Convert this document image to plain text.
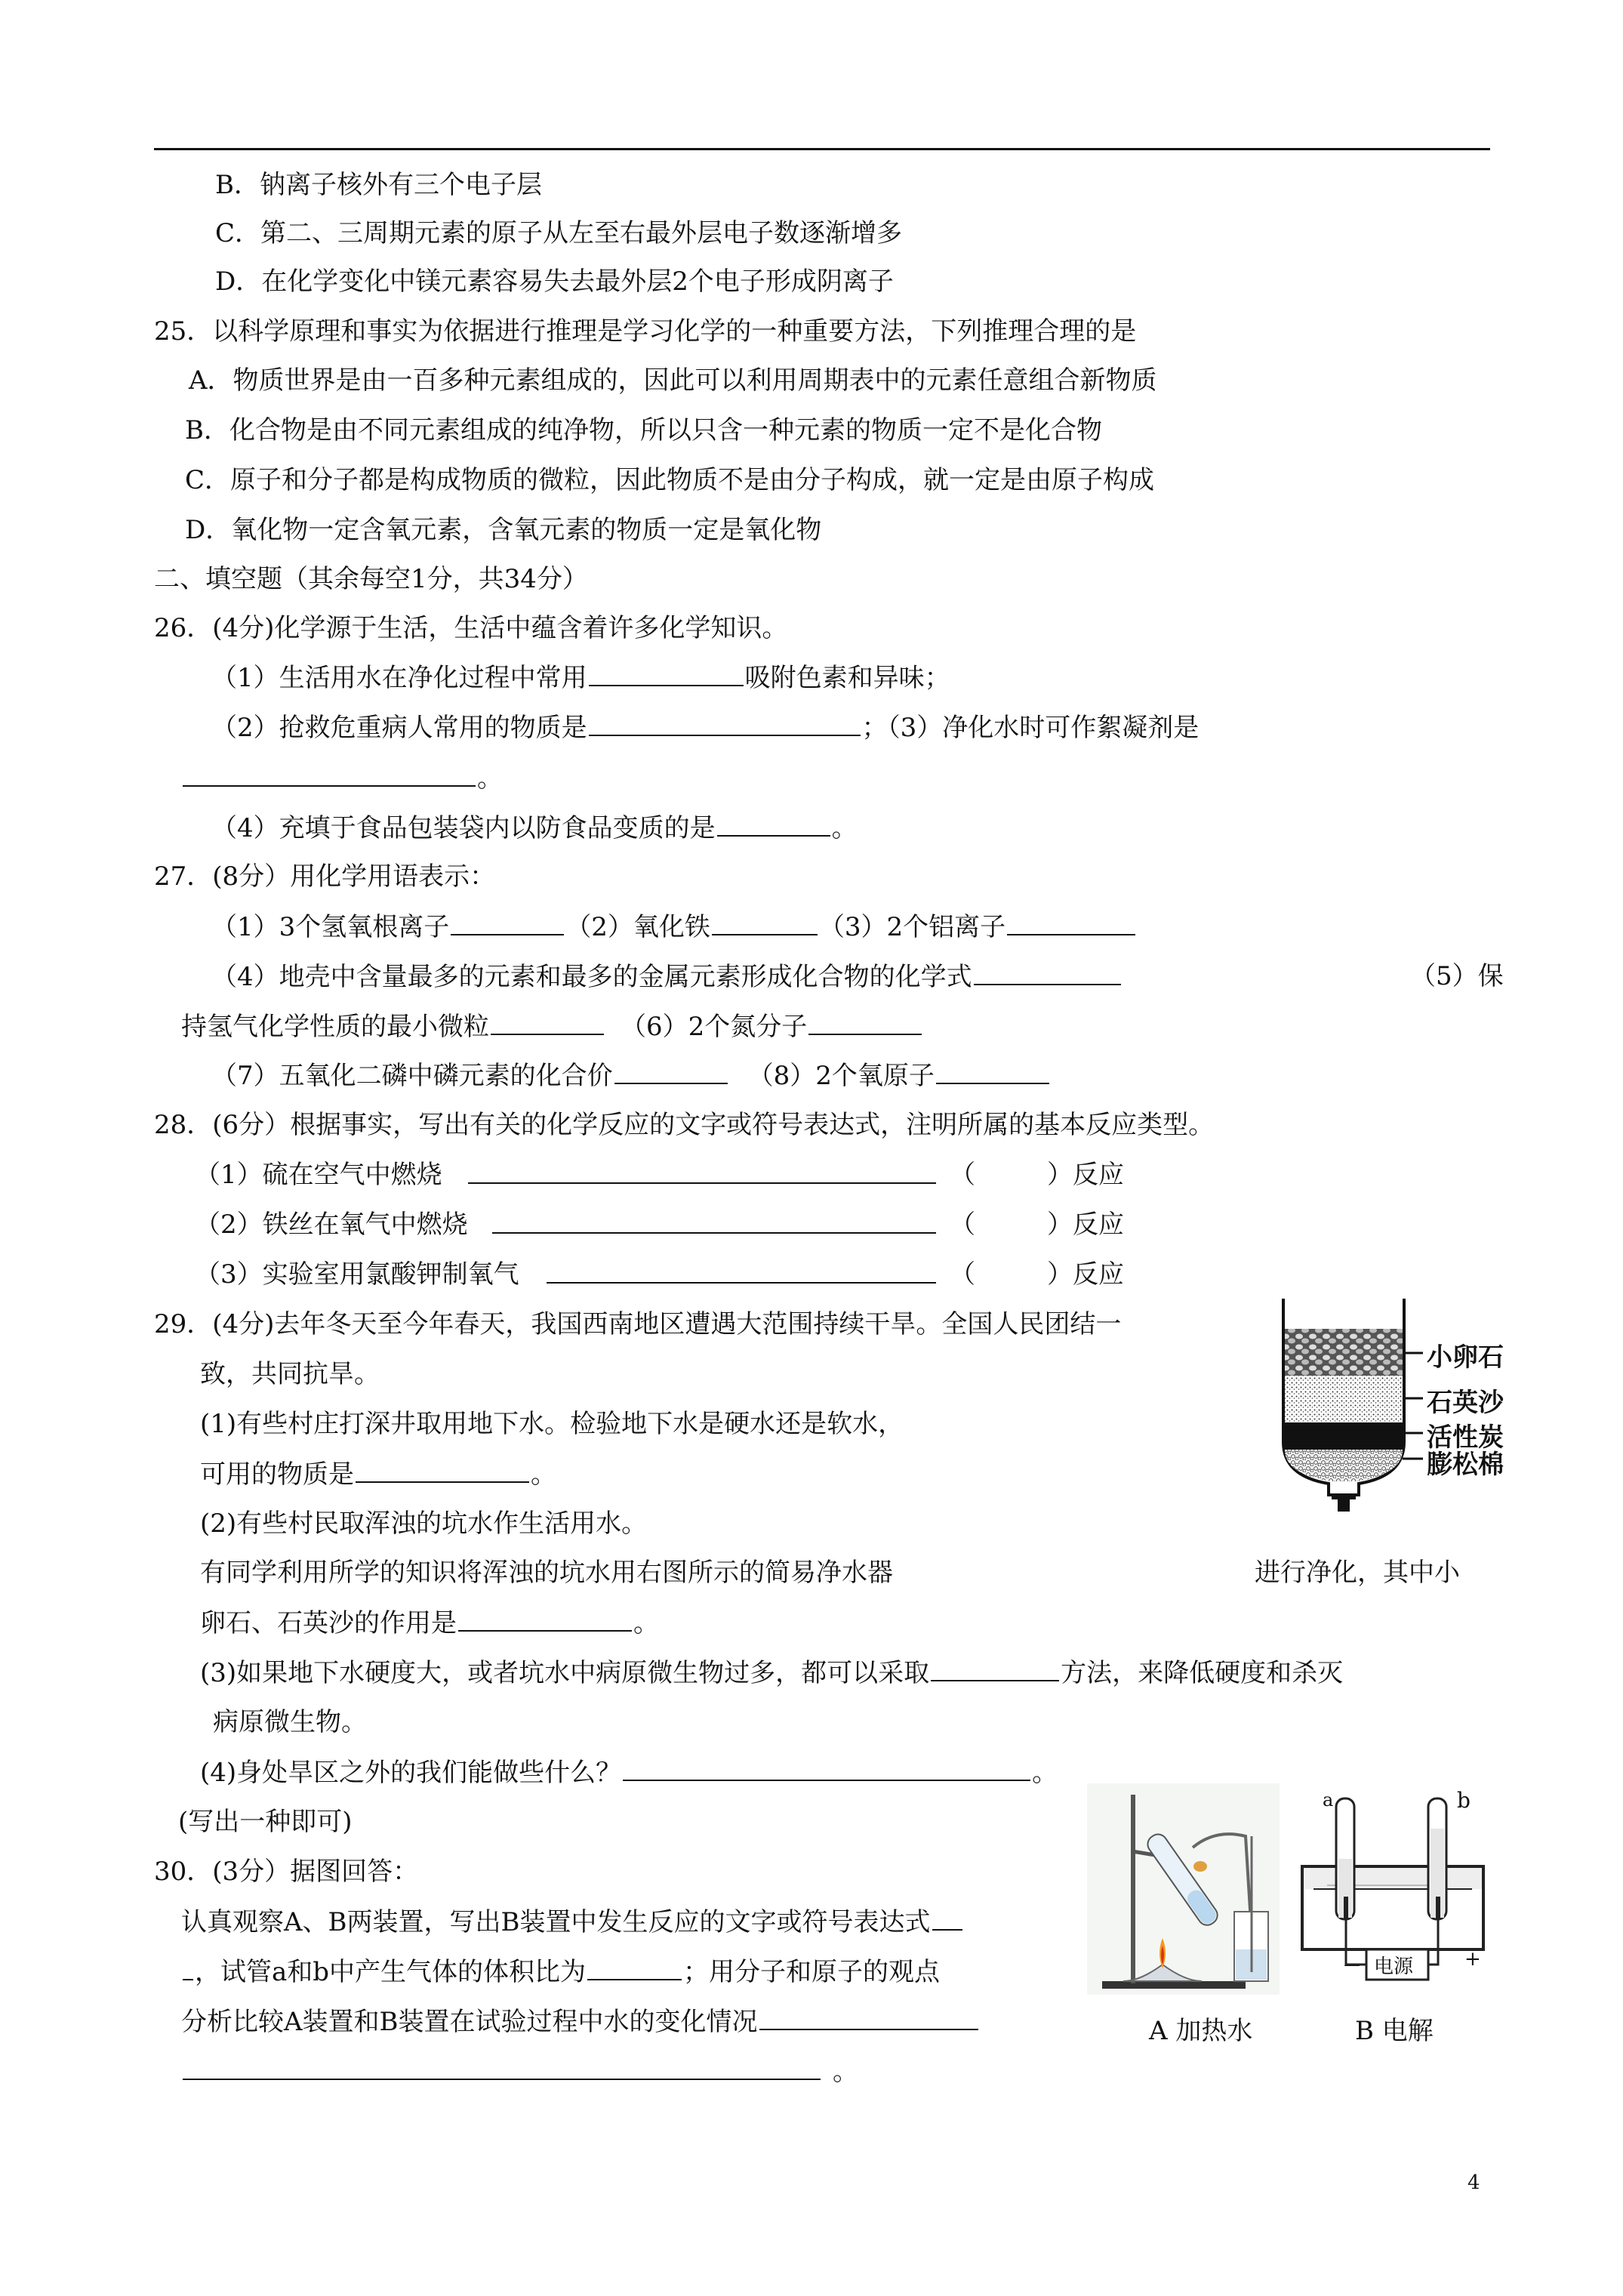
B．钠离子核外有三个电子层
C．第二、三周期元素的原子从左至右最外层电子数逐渐增多
D．在化学变化中镁元素容易失去最外层2个电子形成阴离子
25．以科学原理和事实为依据进行推理是学习化学的一种重要方法，下列推理合理的是
A．物质世界是由一百多种元素组成的，因此可以利用周期表中的元素任意组合新物质
B．化合物是由不同元素组成的纯净物，所以只含一种元素的物质一定不是化合物
C．原子和分子都是构成物质的微粒，因此物质不是由分子构成，就一定是由原子构成
D．氧化物一定含氧元素，含氧元素的物质一定是氧化物
二、填空题（其余每空1分，共34分）
26．(4分)化学源于生活，生活中蕴含着许多化学知识。
（1）生活用水在净化过程中常用	吸附色素和异味；
（2）抢救危重病人常用的物质是	；（3）净化水时可作絮凝剂是
。
（4）充填于食品包装袋内以防食品变质的是	。
27．(8分）用化学用语表示：
（1）3个氢氧根离子	（2）氧化铁	（3）2个铝离子
（4）地壳中含量最多的元素和最多的金属元素形成化合物的化学式	（5）保
持氢气化学性质的最小微粒	（6）2个氮分子
（7）五氧化二磷中磷元素的化合价	（8）2个氧原子
28．(6分）根据事实，写出有关的化学反应的文字或符号表达式，注明所属的基本反应类型。
（1）硫在空气中燃烧	（	）反应
（2）铁丝在氧气中燃烧	（	）反应
（3）实验室用氯酸钾制氧气	（	）反应
29．(4分)去年冬天至今年春天，我国西南地区遭遇大范围持续干旱。全国人民团结一
致，共同抗旱。
(1)有些村庄打深井取用地下水。检验地下水是硬水还是软水，
可用的物质是	。
(2)有些村民取浑浊的坑水作生活用水。
有同学利用所学的知识将浑浊的坑水用右图所示的简易净水器	进行净化，其中小
卵石、石英沙的作用是	。
(3)如果地下水硬度大，或者坑水中病原微生物过多，都可以采取	方法，来降低硬度和杀灭
病原微生物。
(4)身处旱区之外的我们能做些什么？	。
(写出一种即可)
30．(3分）据图回答：
认真观察A、B两装置，写出B装置中发生反应的文字或符号表达式
，试管a和b中产生气体的体积比为	；用分子和原子的观点
分析比较A装置和B装置在试验过程中水的变化情况
。
小卵石
石英沙
活性炭
膨松棉
a	b
电源
－	+
A 加热水	B 电解
4
